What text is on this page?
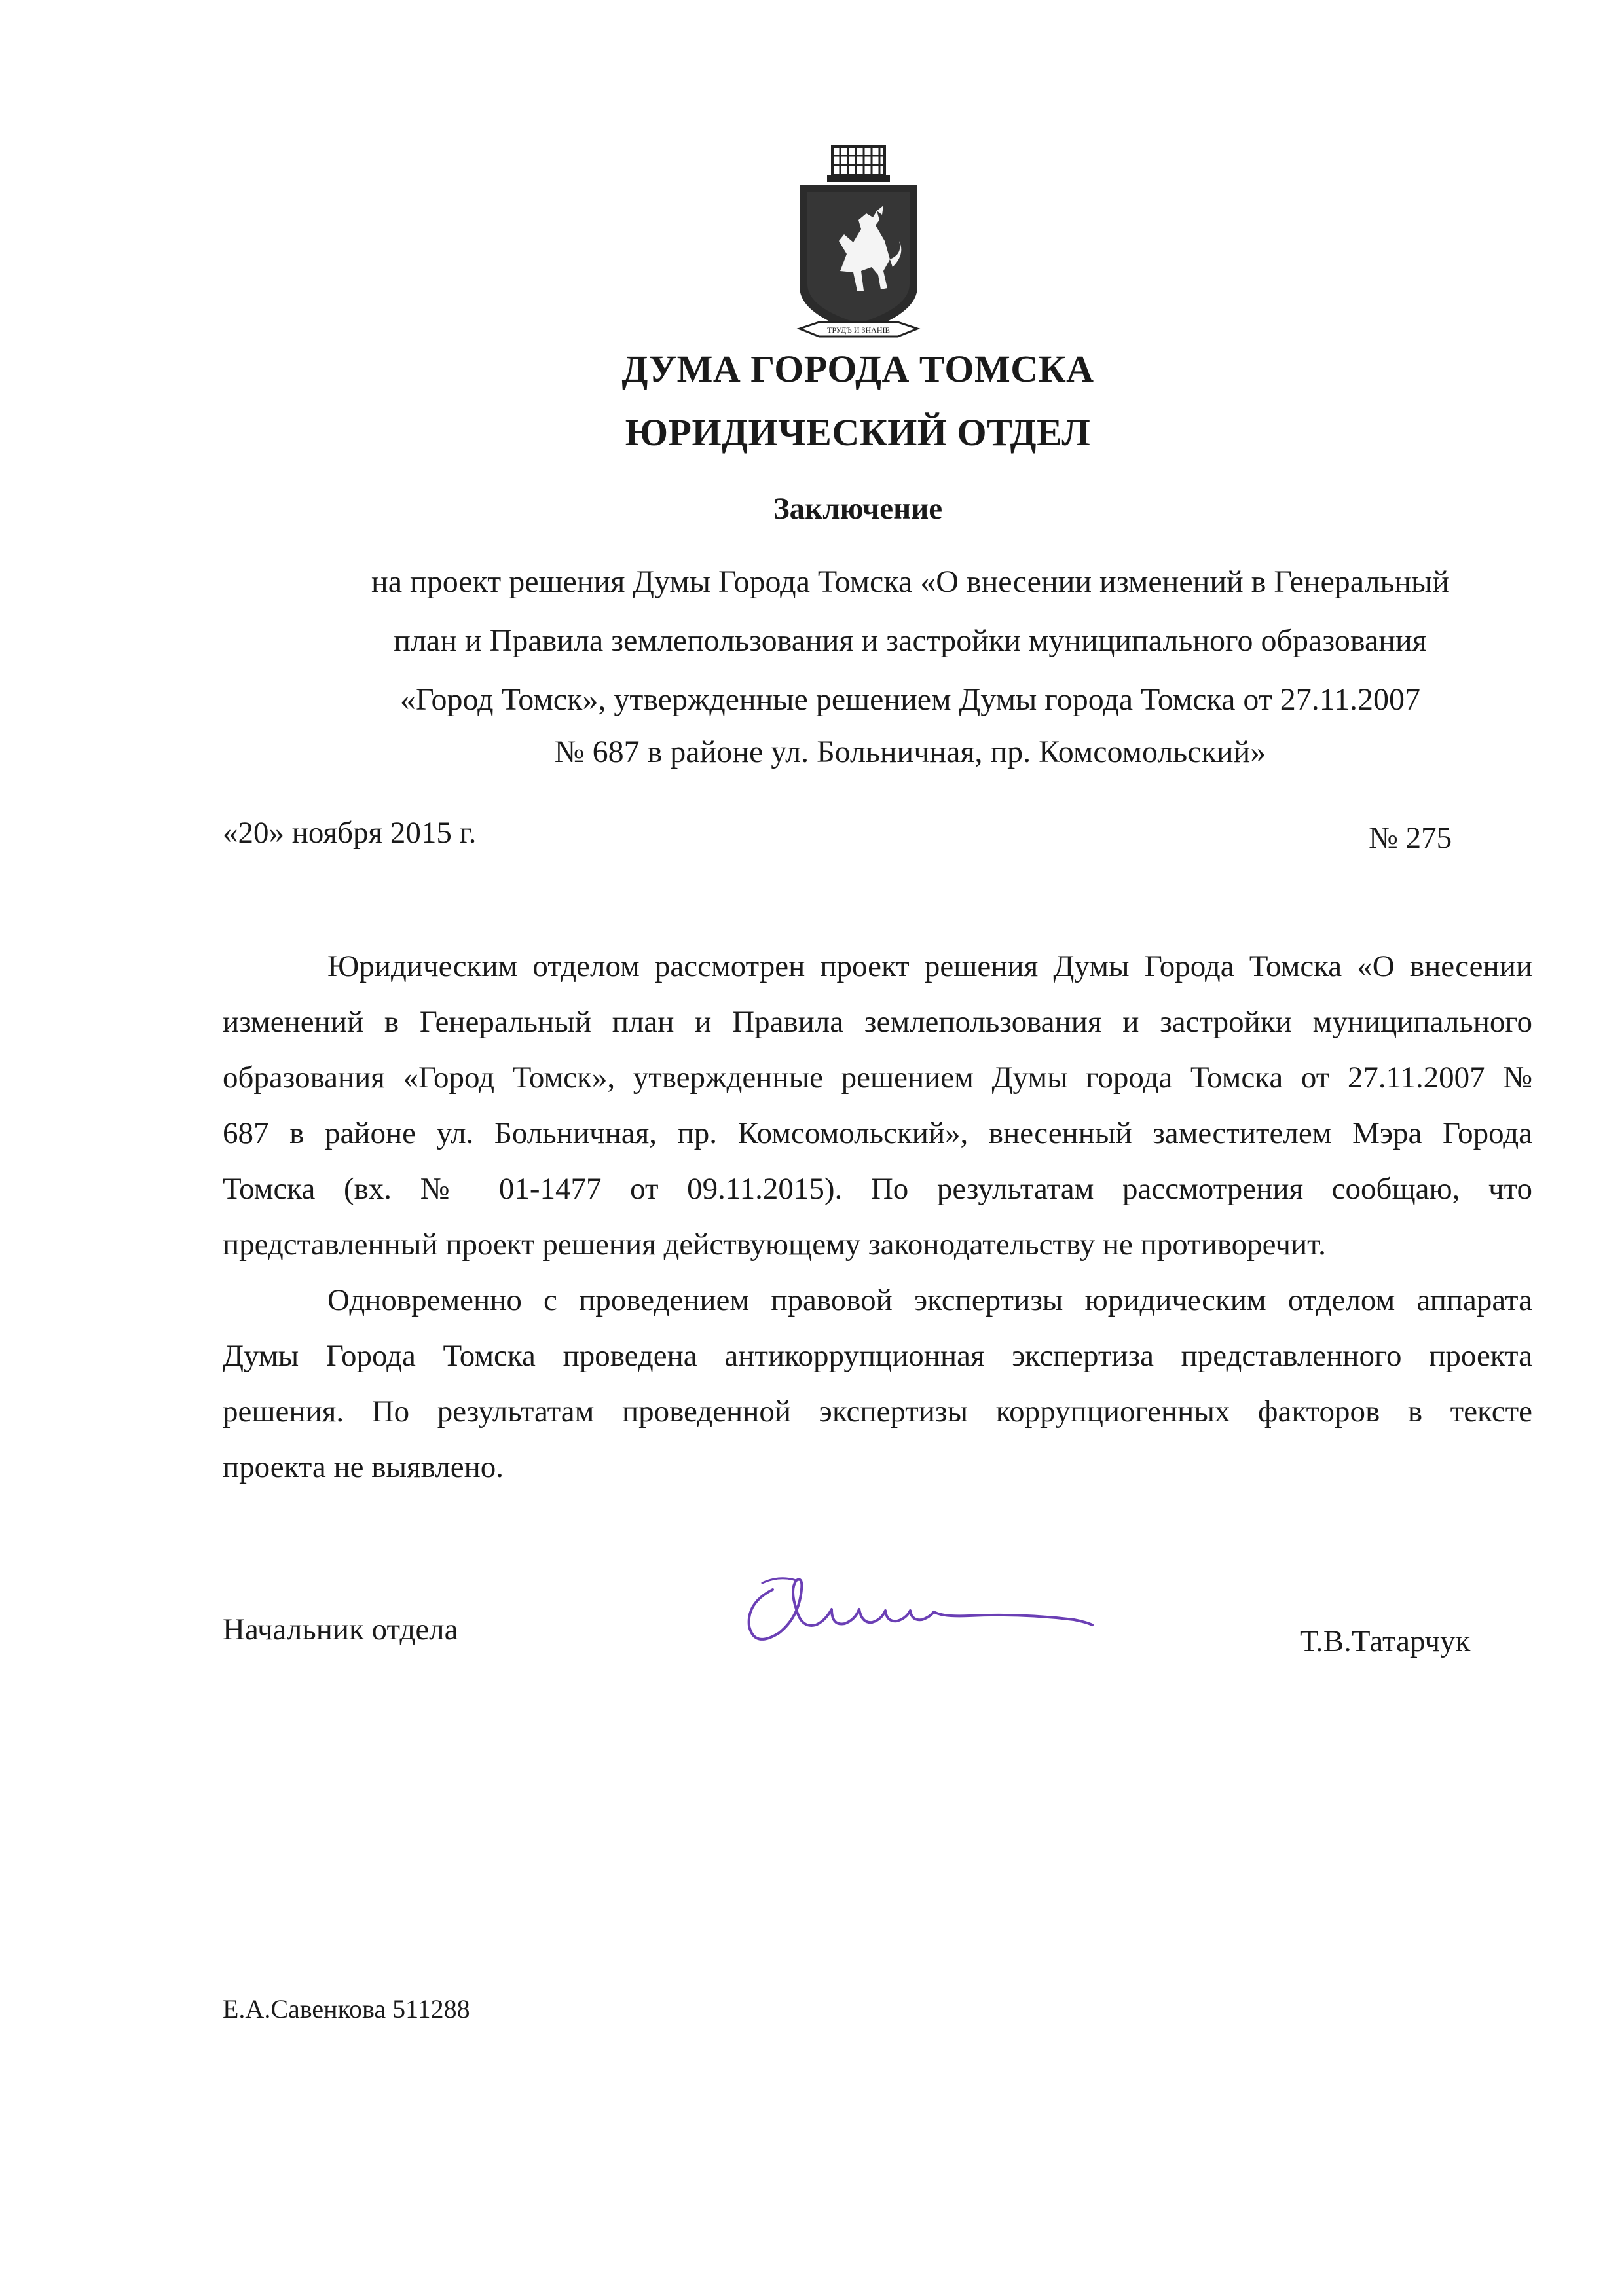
ТРУДЪ И ЗНАНIЕ
ДУМА ГОРОДА ТОМСКА
ЮРИДИЧЕСКИЙ ОТДЕЛ
Заключение
на проект решения Думы Города Томска «О внесении изменений в Генеральный
план и Правила землепользования и застройки муниципального образования
«Город Томск», утвержденные решением Думы города Томска от 27.11.2007
№ 687 в районе ул. Больничная, пр. Комсомольский»
«20» ноября 2015 г.	№ 275
Юридическим отделом рассмотрен проект решения Думы Города Томска «О внесении
изменений в Генеральный план и Правила землепользования и застройки муниципального
образования «Город Томск», утвержденные решением Думы города Томска от 27.11.2007 №
687 в районе ул. Больничная, пр. Комсомольский», внесенный заместителем Мэра Города
Томска (вх. № 01-1477 от 09.11.2015). По результатам рассмотрения сообщаю, что
представленный проект решения действующему законодательству не противоречит.
Одновременно с проведением правовой экспертизы юридическим отделом аппарата
Думы Города Томска проведена антикоррупционная экспертиза представленного проекта
решения. По результатам проведенной экспертизы коррупциогенных факторов в тексте
проекта не выявлено.
Начальник отдела	Т.В.Татарчук
Е.А.Савенкова 511288
